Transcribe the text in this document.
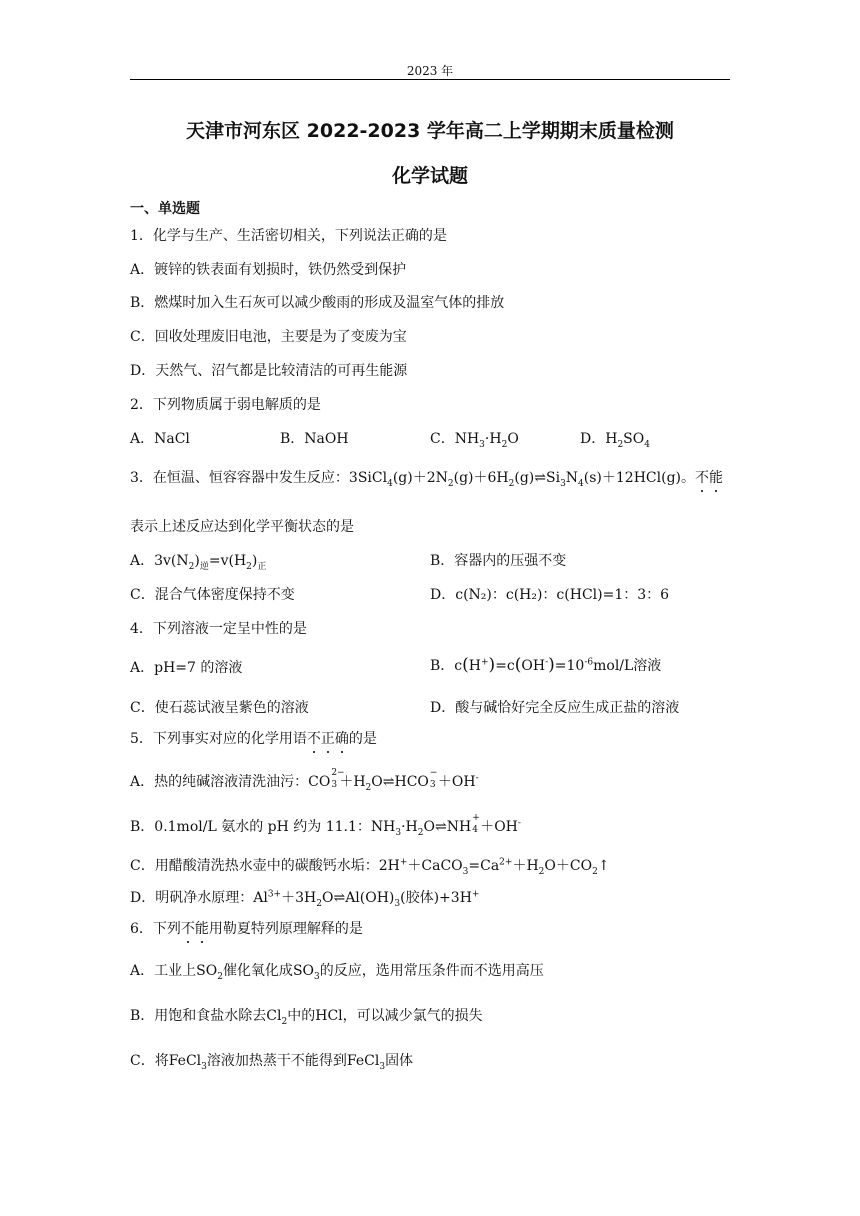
2023 年
天津市河东区 2022-2023 学年高二上学期期末质量检测
化学试题
一、单选题
1．化学与生产、生活密切相关，下列说法正确的是
A．镀锌的铁表面有划损时，铁仍然受到保护
B．燃煤时加入生石灰可以减少酸雨的形成及温室气体的排放
C．回收处理废旧电池，主要是为了变废为宝
D．天然气、沼气都是比较清洁的可再生能源
2．下列物质属于弱电解质的是
A．NaCl	B．NaOH	C．$NH_3\cdot H_2O$	D．$H_2SO_4$
3．在恒温、恒容容器中发生反应：$3SiCl_4(g)+2N_2(g)+6H_2(g)\rightleftharpoons Si_3N_4(s)+12HCl(g)$。不能
表示上述反应达到化学平衡状态的是
A．$3v(N_2)_逆=v(H_2)_正$	B．容器内的压强不变
C．混合气体密度保持不变	D．c(N₂)：c(H₂)：c(HCl)=1：3：6
4．下列溶液一定呈中性的是
A．pH=7 的溶液	B．$c(H^+)=c(OH^-)=10^{-6}mol/L$溶液
C．使石蕊试液呈紫色的溶液	D．酸与碱恰好完全反应生成正盐的溶液
5．下列事实对应的化学用语不正确的是
A．热的纯碱溶液清洗油污：CO
2−
$3 +H_2O\rightleftharpoons HCO$
−
3 ＋OH-
B．0.1mol/L 氨水的 pH 约为 11.1：$NH_3\cdot H_2O\rightleftharpoons NH$
+
4 ＋OH-
C．用醋酸清洗热水壶中的碳酸钙水垢：$2H^++CaCO_3=Ca^{2+}+H_2O+CO_2↑$
D．明矾净水原理：$Al^{3+}+3H_2O\rightleftharpoons Al(OH)_3$(胶体)+3H+
6．下列不能用勒夏特列原理解释的是
A．工业上$SO_2$催化氧化成$SO_3$的反应，选用常压条件而不选用高压
B．用饱和食盐水除去$Cl_2$中的HCl，可以减少氯气的损失
C．将FeCl$_3$溶液加热蒸干不能得到FeCl$_3$固体
